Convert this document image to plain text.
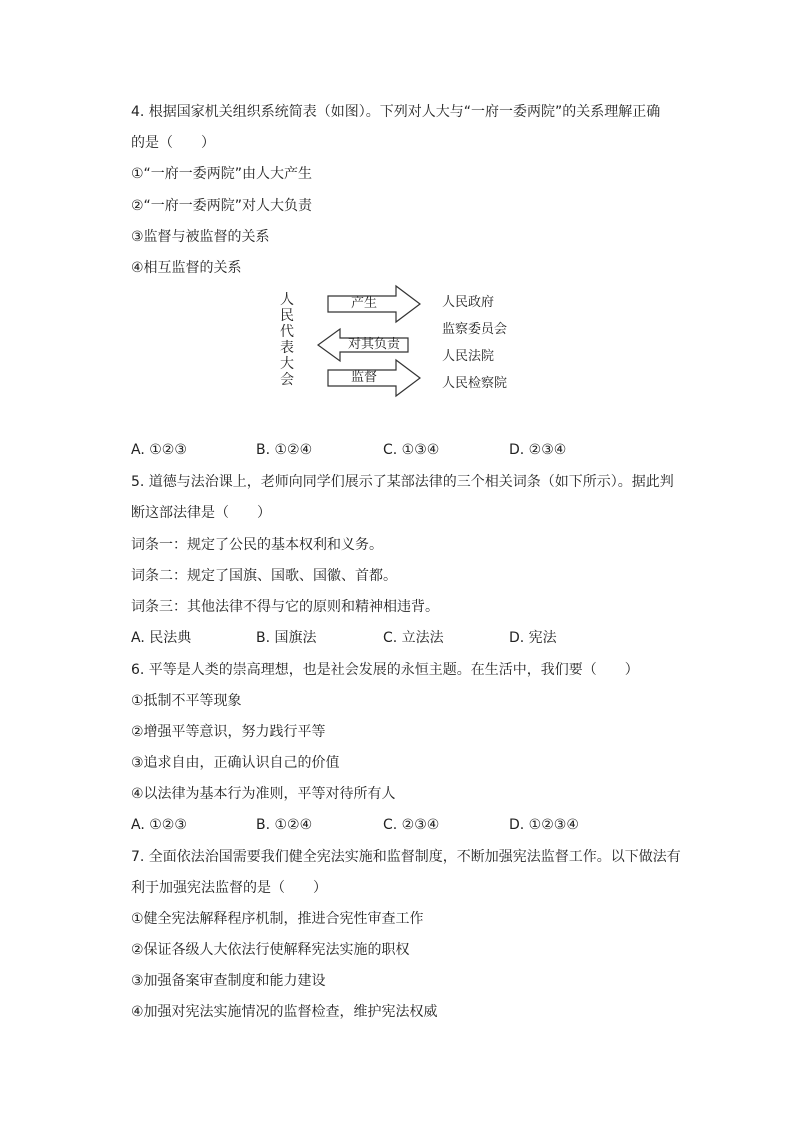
4. 根据国家机关组织系统简表（如图）。下列对人大与“一府一委两院”的关系理解正确
的是（　　）
①“一府一委两院”由人大产生
②“一府一委两院”对人大负责
③监督与被监督的关系
④相互监督的关系
人
民
代
表
大
会
产生
对其负责
监督
人民政府
监察委员会
人民法院
人民检察院
A. ①②③	B. ①②④	C. ①③④	D. ②③④
5. 道德与法治课上，老师向同学们展示了某部法律的三个相关词条（如下所示）。据此判
断这部法律是（　　）
词条一：规定了公民的基本权利和义务。
词条二：规定了国旗、国歌、国徽、首都。
词条三：其他法律不得与它的原则和精神相违背。
A. 民法典	B. 国旗法	C. 立法法	D. 宪法
6. 平等是人类的崇高理想，也是社会发展的永恒主题。在生活中，我们要（　　）
①抵制不平等现象
②增强平等意识，努力践行平等
③追求自由，正确认识自己的价值
④以法律为基本行为准则，平等对待所有人
A. ①②③	B. ①②④	C. ②③④	D. ①②③④
7. 全面依法治国需要我们健全宪法实施和监督制度，不断加强宪法监督工作。以下做法有
利于加强宪法监督的是（　　）
①健全宪法解释程序机制，推进合宪性审查工作
②保证各级人大依法行使解释宪法实施的职权
③加强备案审查制度和能力建设
④加强对宪法实施情况的监督检查，维护宪法权威
